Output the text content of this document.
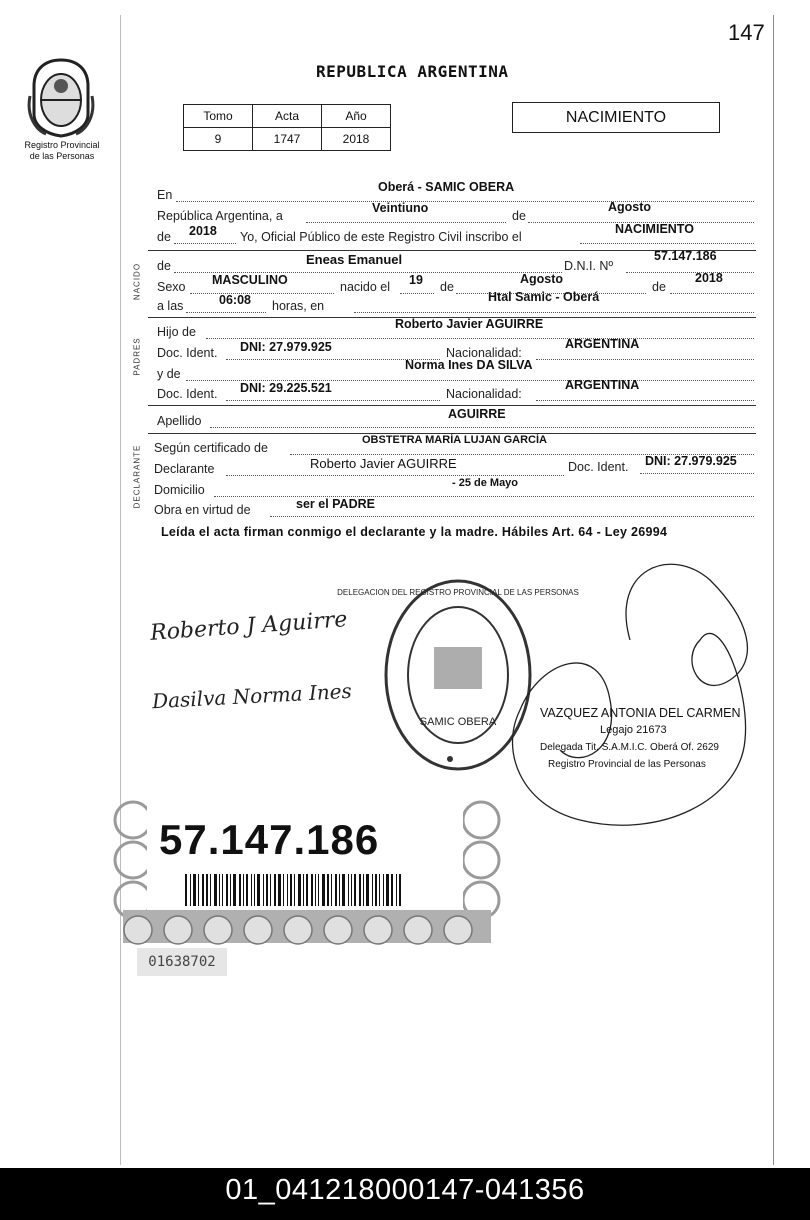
147
Registro Provincial
de las Personas
REPUBLICA ARGENTINA
Tomo	Acta	Año
9	1747	2018
NACIMIENTO
En
Oberá - SAMIC OBERA
República Argentina, a
Veintiuno
de
Agosto
de 2018 Yo, Oficial Público de este Registro Civil inscribo el
NACIMIENTO
NACIDO de	Eneas Emanuel	D.N.I. Nº
57.147.186
Sexo MASCULINO	nacido el 19 de
Agosto
de
2018
a las	06:08 horas, en
Htal Samic - Oberá
PADRES
Hijo de
Roberto Javier AGUIRRE
Doc. Ident. DNI: 27.979.925	Nacionalidad:
ARGENTINA
y de
Norma Ines DA SILVA
Doc. Ident. DNI: 29.225.521	Nacionalidad:
ARGENTINA
Apellido	AGUIRRE
DECLARANTE Según certificado de
OBSTETRA MARÍA LUJAN GARCÍA
Declarante	Roberto Javier AGUIRRE	Doc. Ident. DNI: 27.979.925
Domicilio	- 25 de Mayo
Obra en virtud de	ser el PADRE
Leída el acta firman conmigo el declarante y la madre. Hábiles Art. 64 - Ley 26994
Roberto J Aguirre
Dasilva Norma Ines
DELEGACION DEL REGISTRO PROVINCIAL DE LAS PERSONAS
SAMIC OBERA
VAZQUEZ ANTONIA DEL CARMEN
Legajo 21673
Delegada Tit. S.A.M.I.C. Oberá Of. 2629
Registro Provincial de las Personas
57.147.186
01638702
01_041218000147-041356
